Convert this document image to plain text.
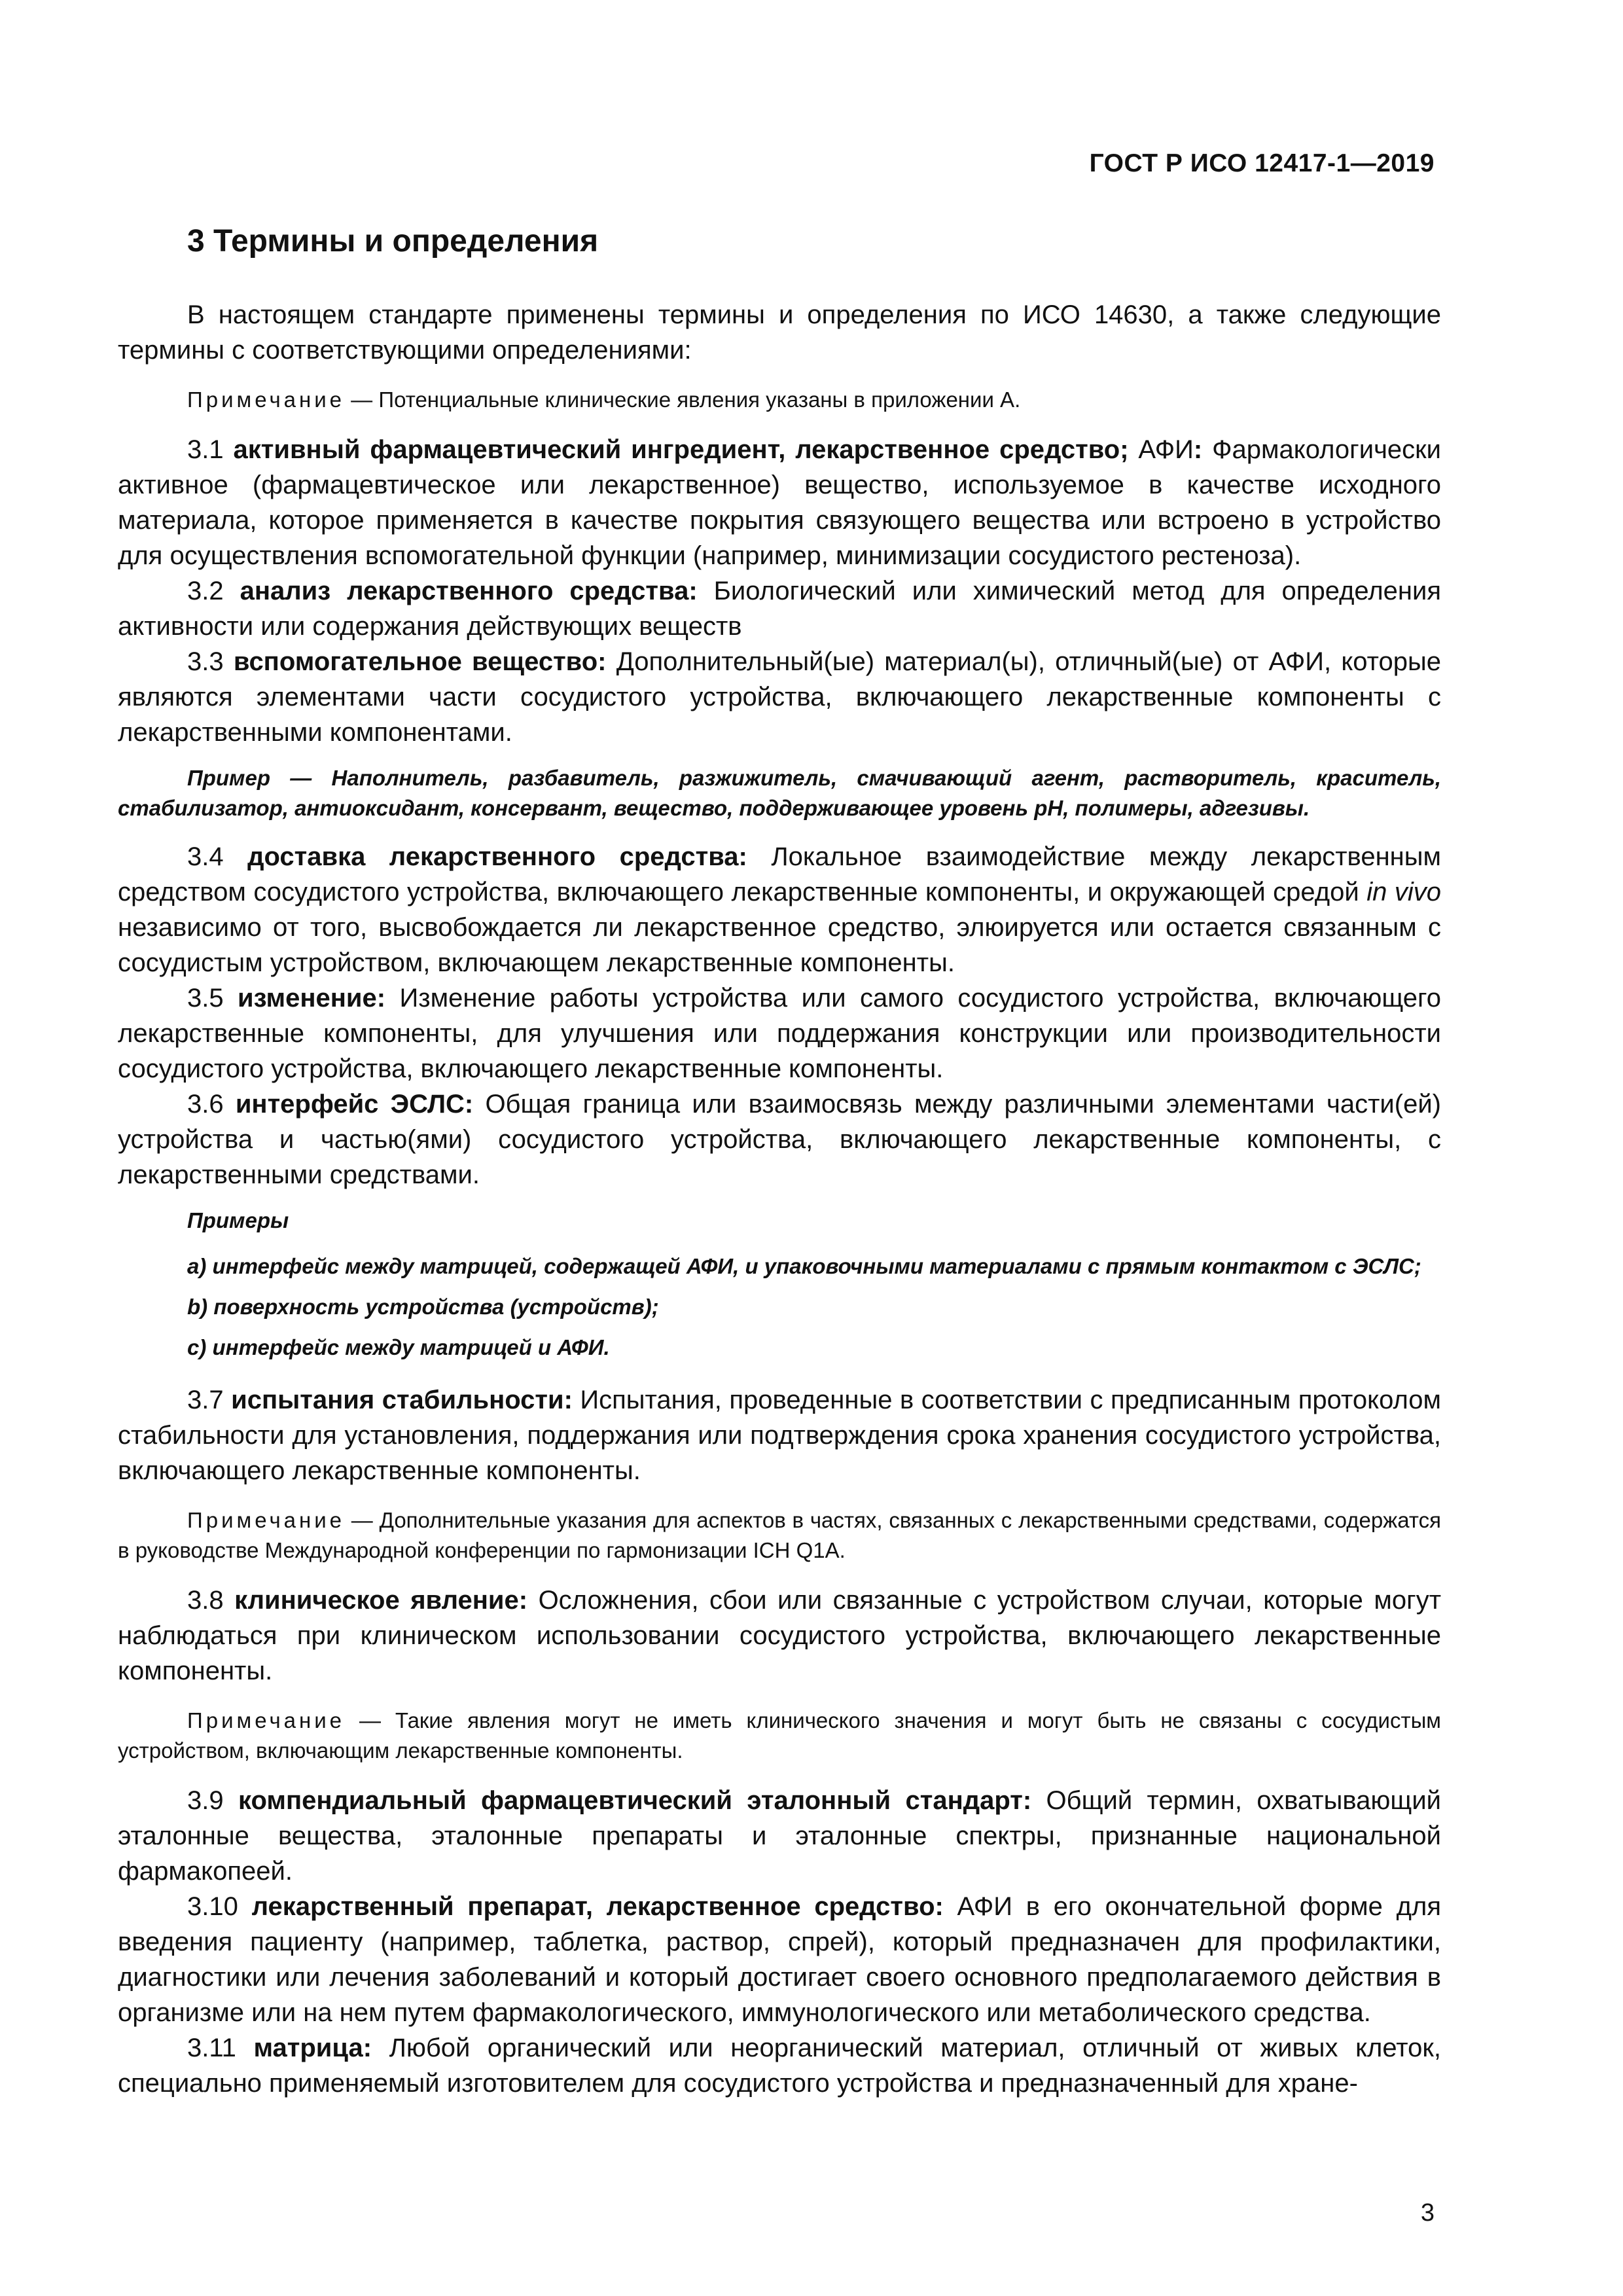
ГОСТ Р ИСО 12417-1—2019
3 Термины и определения

В настоящем стандарте применены термины и определения по ИСО 14630, а также следующие термины с соответствующими определениями:

Примечание — Потенциальные клинические явления указаны в приложении А.

3.1 активный фармацевтический ингредиент, лекарственное средство; АФИ: Фармакологически активное (фармацевтическое или лекарственное) вещество, используемое в качестве исходного материала, которое применяется в качестве покрытия связующего вещества или встроено в устройство для осуществления вспомогательной функции (например, минимизации сосудистого рестеноза).

3.2 анализ лекарственного средства: Биологический или химический метод для определения активности или содержания действующих веществ

3.3 вспомогательное вещество: Дополнительный(ые) материал(ы), отличный(ые) от АФИ, которые являются элементами части сосудистого устройства, включающего лекарственные компоненты с лекарственными компонентами.

Пример — Наполнитель, разбавитель, разжижитель, смачивающий агент, растворитель, краситель, стабилизатор, антиоксидант, консервант, вещество, поддерживающее уровень рН, полимеры, адгезивы.

3.4 доставка лекарственного средства: Локальное взаимодействие между лекарственным средством сосудистого устройства, включающего лекарственные компоненты, и окружающей средой in vivo независимо от того, высвобождается ли лекарственное средство, элюируется или остается связанным с сосудистым устройством, включающем лекарственные компоненты.

3.5 изменение: Изменение работы устройства или самого сосудистого устройства, включающего лекарственные компоненты, для улучшения или поддержания конструкции или производительности сосудистого устройства, включающего лекарственные компоненты.

3.6 интерфейс ЭСЛС: Общая граница или взаимосвязь между различными элементами части(ей) устройства и частью(ями) сосудистого устройства, включающего лекарственные компоненты, с лекарственными средствами.

Примеры

a) интерфейс между матрицей, содержащей АФИ, и упаковочными материалами с прямым контактом с ЭСЛС;

b) поверхность устройства (устройств);

c) интерфейс между матрицей и АФИ.

3.7 испытания стабильности: Испытания, проведенные в соответствии с предписанным протоколом стабильности для установления, поддержания или подтверждения срока хранения сосудистого устройства, включающего лекарственные компоненты.

Примечание — Дополнительные указания для аспектов в частях, связанных с лекарственными средствами, содержатся в руководстве Международной конференции по гармонизации ICH Q1A.

3.8 клиническое явление: Осложнения, сбои или связанные с устройством случаи, которые могут наблюдаться при клиническом использовании сосудистого устройства, включающего лекарственные компоненты.

Примечание — Такие явления могут не иметь клинического значения и могут быть не связаны с сосудистым устройством, включающим лекарственные компоненты.

3.9 компендиальный фармацевтический эталонный стандарт: Общий термин, охватывающий эталонные вещества, эталонные препараты и эталонные спектры, признанные национальной фармакопеей.

3.10 лекарственный препарат, лекарственное средство: АФИ в его окончательной форме для введения пациенту (например, таблетка, раствор, спрей), который предназначен для профилактики, диагностики или лечения заболеваний и который достигает своего основного предполагаемого действия в организме или на нем путем фармакологического, иммунологического или метаболического средства.

3.11 матрица: Любой органический или неорганический материал, отличный от живых клеток, специально применяемый изготовителем для сосудистого устройства и предназначенный для хране-

3
